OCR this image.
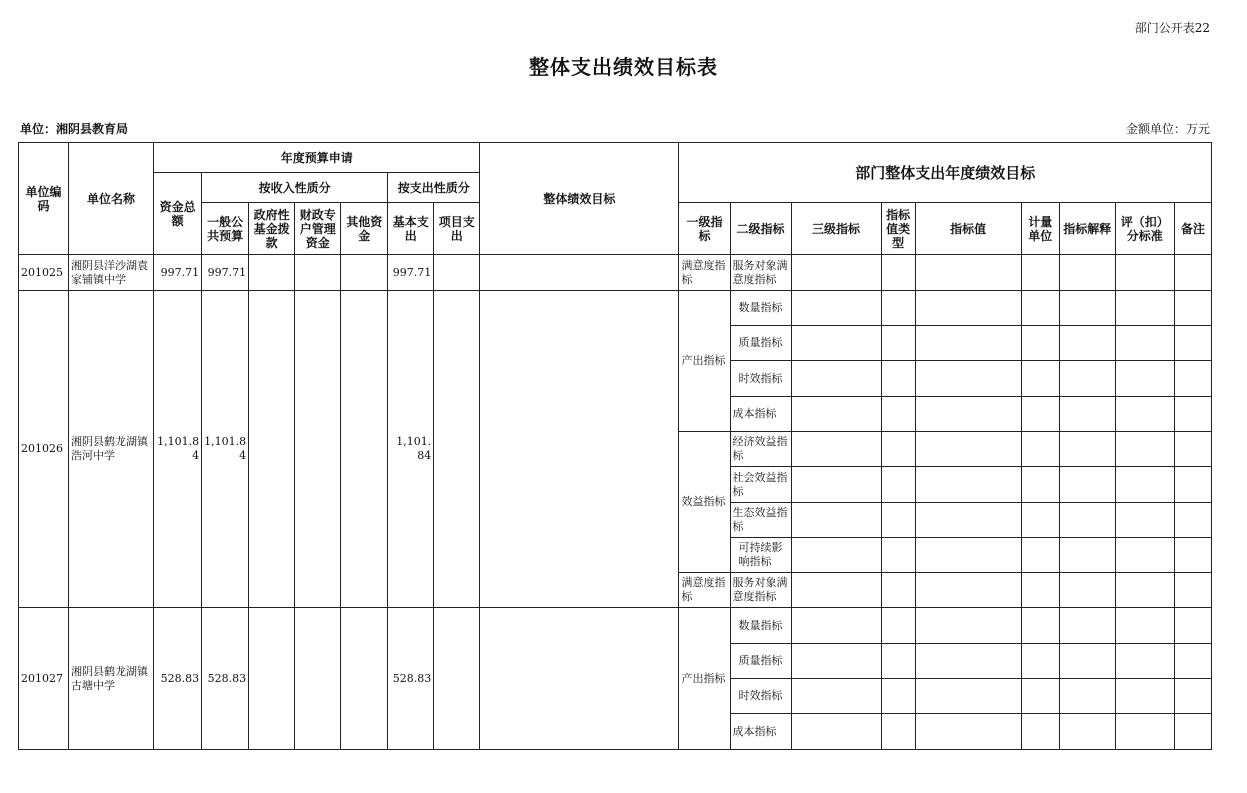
部门公开表22
整体支出绩效目标表
单位：湘阴县教育局	金额单位：万元
单位编码	单位名称	年度预算申请							整体绩效目标	部门整体支出年度绩效目标								
		资金总额	按收入性质分				按支出性质分											
			一般公共预算	政府性基金拨款	财政专户管理资金	其他资金	基本支出	项目支出		一级指标	二级指标	三级指标	指标值类型	指标值	计量单位	指标解释	评（扣）分标准	备注
201025	湘阴县洋沙湖袁家铺镇中学	997.71	997.71				997.71			满意度指标	服务对象满意度指标							
201026	湘阴县鹤龙湖镇浩河中学	1,101.84	1,101.84				1,101.84			产出指标	数量指标							
											质量指标							
											时效指标							
											成本指标							
										效益指标	经济效益指标							
											社会效益指标							
											生态效益指标							
											可持续影响指标							
										满意度指标	服务对象满意度指标							
201027	湘阴县鹤龙湖镇古塘中学	528.83	528.83				528.83			产出指标	数量指标							
											质量指标							
											时效指标							
											成本指标							
